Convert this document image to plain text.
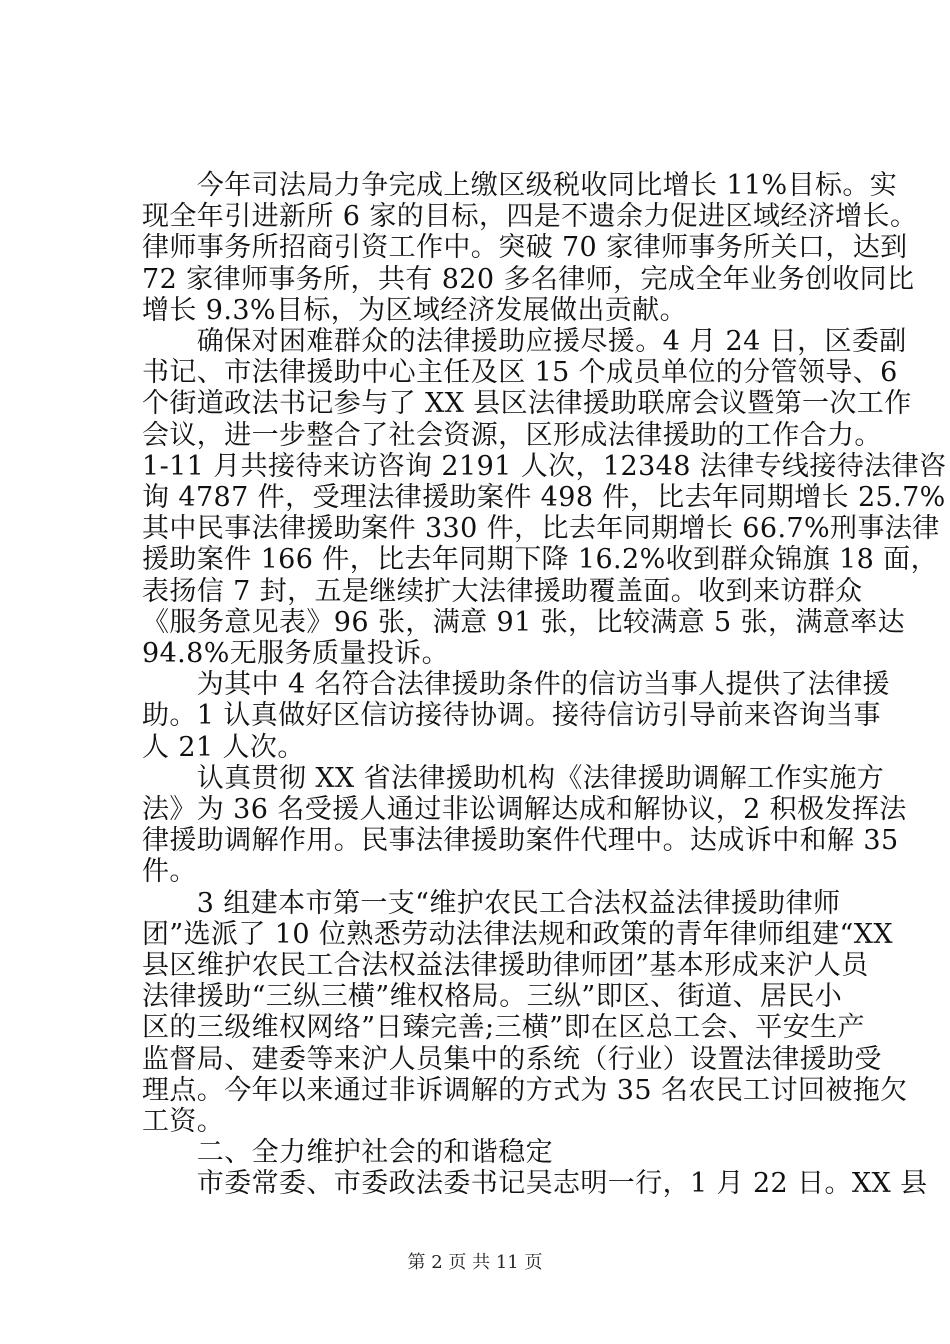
　　今年司法局力争完成上缴区级税收同比增长 11%目标。实
现全年引进新所 6 家的目标，四是不遗余力促进区域经济增长。
律师事务所招商引资工作中。突破 70 家律师事务所关口，达到
72 家律师事务所，共有 820 多名律师，完成全年业务创收同比
增长 9.3%目标，为区域经济发展做出贡献。
　　确保对困难群众的法律援助应援尽援。4 月 24 日，区委副
书记、市法律援助中心主任及区 15 个成员单位的分管领导、6
个街道政法书记参与了 XX 县区法律援助联席会议暨第一次工作
会议，进一步整合了社会资源，区形成法律援助的工作合力。
1-11 月共接待来访咨询 2191 人次，12348 法律专线接待法律咨
询 4787 件，受理法律援助案件 498 件，比去年同期增长 25.7%
其中民事法律援助案件 330 件，比去年同期增长 66.7%刑事法律
援助案件 166 件，比去年同期下降 16.2%收到群众锦旗 18 面，
表扬信 7 封，五是继续扩大法律援助覆盖面。收到来访群众
《服务意见表》96 张，满意 91 张，比较满意 5 张，满意率达
94.8%无服务质量投诉。
　　为其中 4 名符合法律援助条件的信访当事人提供了法律援
助。1 认真做好区信访接待协调。接待信访引导前来咨询当事
人 21 人次。
　　认真贯彻 XX 省法律援助机构《法律援助调解工作实施方
法》为 36 名受援人通过非讼调解达成和解协议，2 积极发挥法
律援助调解作用。民事法律援助案件代理中。达成诉中和解 35
件。
　　3 组建本市第一支“维护农民工合法权益法律援助律师
团”选派了 10 位熟悉劳动法律法规和政策的青年律师组建“XX
县区维护农民工合法权益法律援助律师团”基本形成来沪人员
法律援助“三纵三横”维权格局。三纵”即区、街道、居民小
区的三级维权网络”日臻完善;三横”即在区总工会、平安生产
监督局、建委等来沪人员集中的系统（行业）设置法律援助受
理点。今年以来通过非诉调解的方式为 35 名农民工讨回被拖欠
工资。
　　二、全力维护社会的和谐稳定
　　市委常委、市委政法委书记吴志明一行，1 月 22 日。XX 县
第 2 页 共 11 页
